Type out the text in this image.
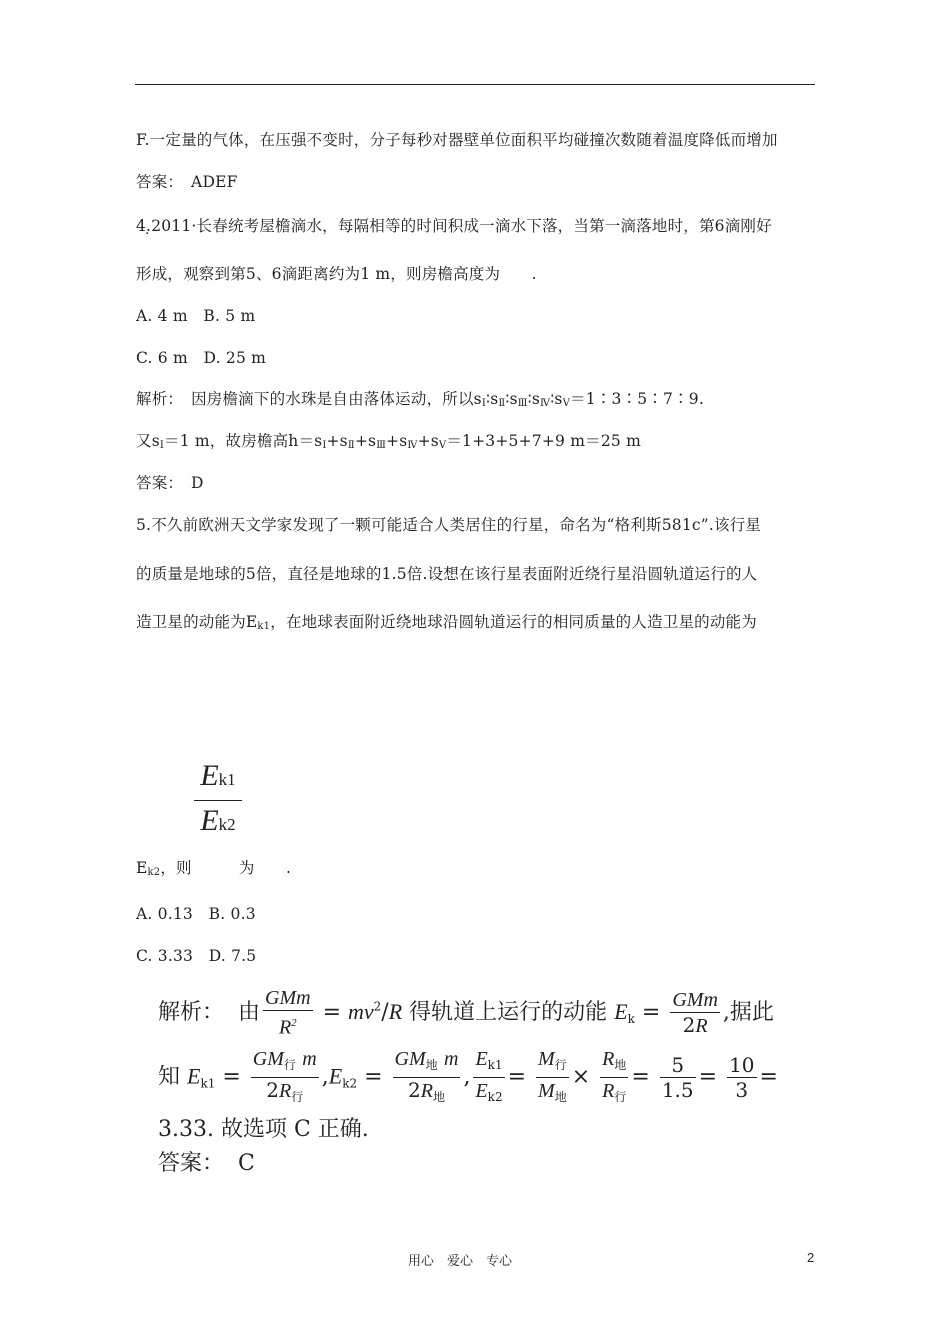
F.一定量的气体，在压强不变时，分子每秒对器壁单位面积平均碰撞次数随着温度降低而增加
答案：　ADEF
4.̣2011·长春统考屋檐滴水，每隔相等的时间积成一滴水下落，当第一滴落地时，第6滴刚好
形成，观察到第5、6滴距离约为1 m，则房檐高度为　　.
A. 4 m　B. 5 m
C. 6 m　D. 25 m
解析：　 因房檐滴下的水珠是自由落体运动，所以$s_Ⅰ∶s_Ⅱ∶s_Ⅲ∶s_Ⅳ∶s_Ⅴ=1∶3∶5∶7∶9$.
又$s_Ⅰ=1$ m，故房檐高$h=s_Ⅰ+s_Ⅱ+s_Ⅲ+s_Ⅳ+s_Ⅴ=1+3+5+7+9$ m＝25 m
答案：　D
5.不久前欧洲天文学家发现了一颗可能适合人类居住的行星，命名为“格利斯581c”.该行星
的质量是地球的5倍，直径是地球的1.5倍.设想在该行星表面附近绕行星沿圆轨道运行的人
造卫星的动能为$E_{k1}$，在地球表面附近绕地球沿圆轨道运行的相同质量的人造卫星的动能为
Ek1
Ek2
$E_{k2}$，则　　　为　　.
A. 0.13　B. 0.3
C. 3.33　D. 7.5
解析： 由
GMm
$R^2 = mv^2/R$ 得轨道上运行的动能 Ek = GMm
2R
,据此
知 Ek1 =
$GM_行$ m
$2R_行$
,Ek2 =
$GM_地$ m
$2R_地$
, $\frac{E_{k1}}{E_{k2}}$ =
$M_行$
$M_地$
×
$R_地$
$R_行$
= $\frac{5}{1.5} = \frac{10}{3}$ =
3.33. 故选项 C 正确.
答案： C
用心　爱心　专心	2
